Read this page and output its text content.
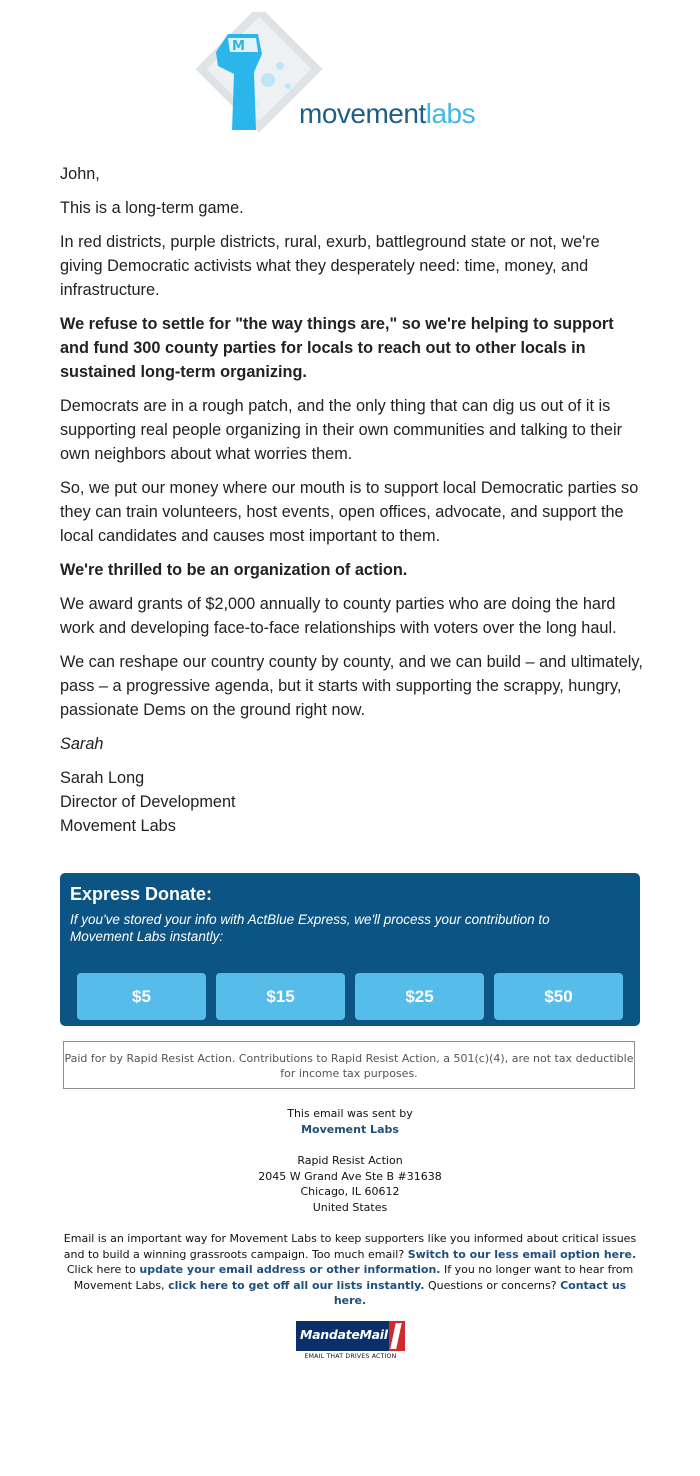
M
movementlabs

John,

This is a long-term game.

In red districts, purple districts, rural, exurb, battleground state or not, we're giving Democratic activists what they desperately need: time, money, and infrastructure.

We refuse to settle for "the way things are," so we're helping to support and fund 300 county parties for locals to reach out to other locals in sustained long-term organizing.

Democrats are in a rough patch, and the only thing that can dig us out of it is supporting real people organizing in their own communities and talking to their own neighbors about what worries them.

So, we put our money where our mouth is to support local Democratic parties so they can train volunteers, host events, open offices, advocate, and support the local candidates and causes most important to them.

We're thrilled to be an organization of action.

We award grants of $2,000 annually to county parties who are doing the hard work and developing face-to-face relationships with voters over the long haul.

We can reshape our country county by county, and we can build – and ultimately, pass – a progressive agenda, but it starts with supporting the scrappy, hungry, passionate Dems on the ground right now.

Sarah

Sarah Long
Director of Development
Movement Labs
Express Donate:
If you've stored your info with ActBlue Express, we'll process your contribution to Movement Labs instantly:
$5	$15	$25	$50
Paid for by Rapid Resist Action. Contributions to Rapid Resist Action, a 501(c)(4), are not tax deductible for income tax purposes.
This email was sent by
Movement Labs
Rapid Resist Action
2045 W Grand Ave Ste B #31638
Chicago, IL 60612
United States
Email is an important way for Movement Labs to keep supporters like you informed about critical issues and to build a winning grassroots campaign. Too much email? Switch to our less email option here. Click here to update your email address or other information. If you no longer want to hear from Movement Labs, click here to get off all our lists instantly. Questions or concerns? Contact us here.
MandateMail
EMAIL THAT DRIVES ACTION
